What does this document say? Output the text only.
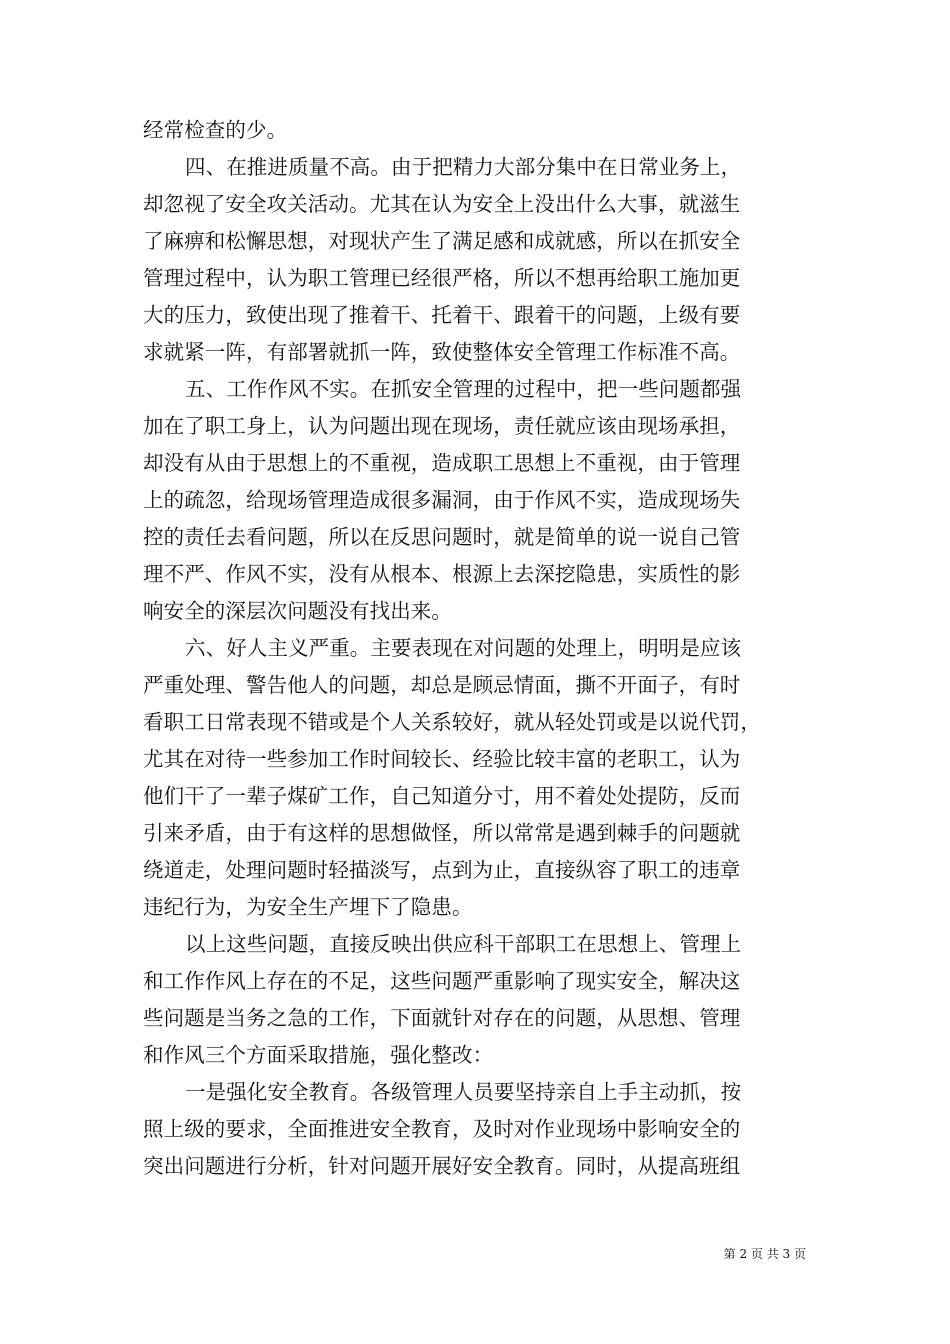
经常检查的少。
四、在推进质量不高。由于把精力大部分集中在日常业务上，
却忽视了安全攻关活动。尤其在认为安全上没出什么大事，就滋生
了麻痹和松懈思想，对现状产生了满足感和成就感，所以在抓安全
管理过程中，认为职工管理已经很严格，所以不想再给职工施加更
大的压力，致使出现了推着干、托着干、跟着干的问题，上级有要
求就紧一阵，有部署就抓一阵，致使整体安全管理工作标准不高。
五、工作作风不实。在抓安全管理的过程中，把一些问题都强
加在了职工身上，认为问题出现在现场，责任就应该由现场承担，
却没有从由于思想上的不重视，造成职工思想上不重视，由于管理
上的疏忽，给现场管理造成很多漏洞，由于作风不实，造成现场失
控的责任去看问题，所以在反思问题时，就是简单的说一说自己管
理不严、作风不实，没有从根本、根源上去深挖隐患，实质性的影
响安全的深层次问题没有找出来。
六、好人主义严重。主要表现在对问题的处理上，明明是应该
严重处理、警告他人的问题，却总是顾忌情面，撕不开面子，有时
看职工日常表现不错或是个人关系较好，就从轻处罚或是以说代罚，
尤其在对待一些参加工作时间较长、经验比较丰富的老职工，认为
他们干了一辈子煤矿工作，自己知道分寸，用不着处处提防，反而
引来矛盾，由于有这样的思想做怪，所以常常是遇到棘手的问题就
绕道走，处理问题时轻描淡写，点到为止，直接纵容了职工的违章
违纪行为，为安全生产埋下了隐患。
以上这些问题，直接反映出供应科干部职工在思想上、管理上
和工作作风上存在的不足，这些问题严重影响了现实安全，解决这
些问题是当务之急的工作，下面就针对存在的问题，从思想、管理
和作风三个方面采取措施，强化整改：
一是强化安全教育。各级管理人员要坚持亲自上手主动抓，按
照上级的要求，全面推进安全教育，及时对作业现场中影响安全的
突出问题进行分析，针对问题开展好安全教育。同时，从提高班组
第 2 页 共 3 页
